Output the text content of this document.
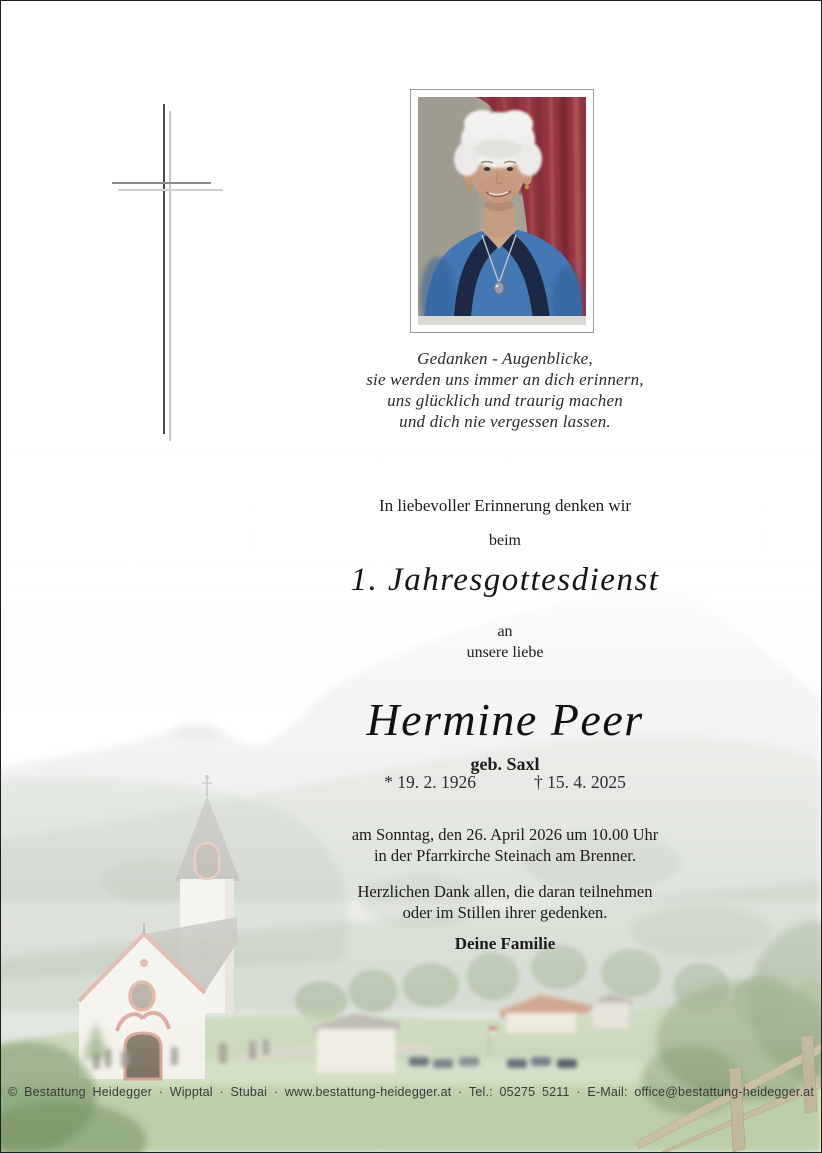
Gedanken - Augenblicke,
sie werden uns immer an dich erinnern,
uns glücklich und traurig machen
und dich nie vergessen lassen.
In liebevoller Erinnerung denken wir
beim
1. Jahresgottesdienst
an
unsere liebe
Hermine Peer
geb. Saxl
* 19. 2. 1926	† 15. 4. 2025
am Sonntag, den 26. April 2026 um 10.00 Uhr
in der Pfarrkirche Steinach am Brenner.
Herzlichen Dank allen, die daran teilnehmen
oder im Stillen ihrer gedenken.
Deine Familie
© Bestattung Heidegger · Wipptal · Stubai · www.bestattung-heidegger.at · Tel.: 05275 5211 · E-Mail: office@bestattung-heidegger.at
